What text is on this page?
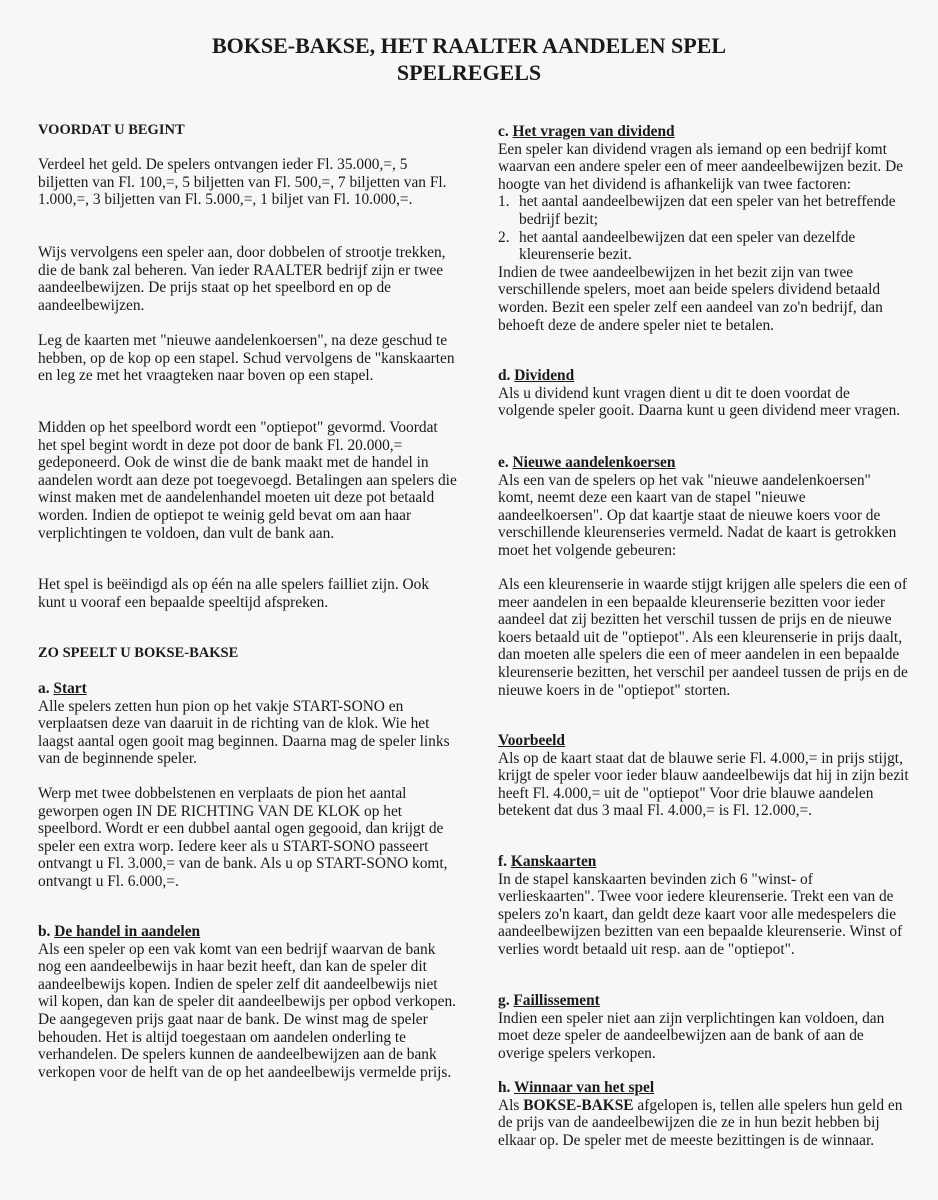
BOKSE-BAKSE, HET RAALTER AANDELEN SPEL
SPELREGELS

VOORDAT U BEGINT

Verdeel het geld. De spelers ontvangen ieder Fl. 35.000,=, 5 biljetten van Fl. 100,=, 5 biljetten van Fl. 500,=, 7 biljetten van Fl. 1.000,=, 3 biljetten van Fl. 5.000,=, 1 biljet van Fl. 10.000,=.

Wijs vervolgens een speler aan, door dobbelen of strootje trekken, die de bank zal beheren. Van ieder RAALTER bedrijf zijn er twee aandeelbewijzen. De prijs staat op het speelbord en op de aandeelbewijzen.

Leg de kaarten met "nieuwe aandelenkoersen", na deze geschud te hebben, op de kop op een stapel. Schud vervolgens de "kanskaarten en leg ze met het vraagteken naar boven op een stapel.

Midden op het speelbord wordt een "optiepot" gevormd. Voordat het spel begint wordt in deze pot door de bank Fl. 20.000,= gedeponeerd. Ook de winst die de bank maakt met de handel in aandelen wordt aan deze pot toegevoegd. Betalingen aan spelers die winst maken met de aandelenhandel moeten uit deze pot betaald worden. Indien de optiepot te weinig geld bevat om aan haar verplichtingen te voldoen, dan vult de bank aan.

Het spel is beëindigd als op één na alle spelers failliet zijn. Ook kunt u vooraf een bepaalde speeltijd afspreken.

ZO SPEELT U BOKSE-BAKSE

a. Start

Alle spelers zetten hun pion op het vakje START-SONO en verplaatsen deze van daaruit in de richting van de klok. Wie het laagst aantal ogen gooit mag beginnen. Daarna mag de speler links van de beginnende speler.

Werp met twee dobbelstenen en verplaats de pion het aantal geworpen ogen IN DE RICHTING VAN DE KLOK op het speelbord. Wordt er een dubbel aantal ogen gegooid, dan krijgt de speler een extra worp. Iedere keer als u START-SONO passeert ontvangt u Fl. 3.000,= van de bank. Als u op START-SONO komt, ontvangt u Fl. 6.000,=.

b. De handel in aandelen

Als een speler op een vak komt van een bedrijf waarvan de bank nog een aandeelbewijs in haar bezit heeft, dan kan de speler dit aandeelbewijs kopen. Indien de speler zelf dit aandeelbewijs niet wil kopen, dan kan de speler dit aandeelbewijs per opbod verkopen. De aangegeven prijs gaat naar de bank. De winst mag de speler behouden. Het is altijd toegestaan om aandelen onderling te verhandelen. De spelers kunnen de aandeelbewijzen aan de bank verkopen voor de helft van de op het aandeelbewijs vermelde prijs.

c. Het vragen van dividend

Een speler kan dividend vragen als iemand op een bedrijf komt waarvan een andere speler een of meer aandeelbewijzen bezit. De hoogte van het dividend is afhankelijk van twee factoren:

1. het aantal aandeelbewijzen dat een speler van het betreffende bedrijf bezit;
2. het aantal aandeelbewijzen dat een speler van dezelfde kleurenserie bezit.

Indien de twee aandeelbewijzen in het bezit zijn van twee verschillende spelers, moet aan beide spelers dividend betaald worden. Bezit een speler zelf een aandeel van zo'n bedrijf, dan behoeft deze de andere speler niet te betalen.

d. Dividend

Als u dividend kunt vragen dient u dit te doen voordat de volgende speler gooit. Daarna kunt u geen dividend meer vragen.

e. Nieuwe aandelenkoersen

Als een van de spelers op het vak "nieuwe aandelenkoersen" komt, neemt deze een kaart van de stapel "nieuwe aandeelkoersen". Op dat kaartje staat de nieuwe koers voor de verschillende kleurenseries vermeld. Nadat de kaart is getrokken moet het volgende gebeuren:

Als een kleurenserie in waarde stijgt krijgen alle spelers die een of meer aandelen in een bepaalde kleurenserie bezitten voor ieder aandeel dat zij bezitten het verschil tussen de prijs en de nieuwe koers betaald uit de "optiepot". Als een kleurenserie in prijs daalt, dan moeten alle spelers die een of meer aandelen in een bepaalde kleurenserie bezitten, het verschil per aandeel tussen de prijs en de nieuwe koers in de "optiepot" storten.

Voorbeeld

Als op de kaart staat dat de blauwe serie Fl. 4.000,= in prijs stijgt, krijgt de speler voor ieder blauw aandeelbewijs dat hij in zijn bezit heeft Fl. 4.000,= uit de "optiepot" Voor drie blauwe aandelen betekent dat dus 3 maal Fl. 4.000,= is Fl. 12.000,=.

f. Kanskaarten

In de stapel kanskaarten bevinden zich 6 "winst- of verlieskaarten". Twee voor iedere kleurenserie. Trekt een van de spelers zo'n kaart, dan geldt deze kaart voor alle medespelers die aandeelbewijzen bezitten van een bepaalde kleurenserie. Winst of verlies wordt betaald uit resp. aan de "optiepot".

g. Faillissement

Indien een speler niet aan zijn verplichtingen kan voldoen, dan moet deze speler de aandeelbewijzen aan de bank of aan de overige spelers verkopen.

h. Winnaar van het spel

Als BOKSE-BAKSE afgelopen is, tellen alle spelers hun geld en de prijs van de aandeelbewijzen die ze in hun bezit hebben bij elkaar op. De speler met de meeste bezittingen is de winnaar.
